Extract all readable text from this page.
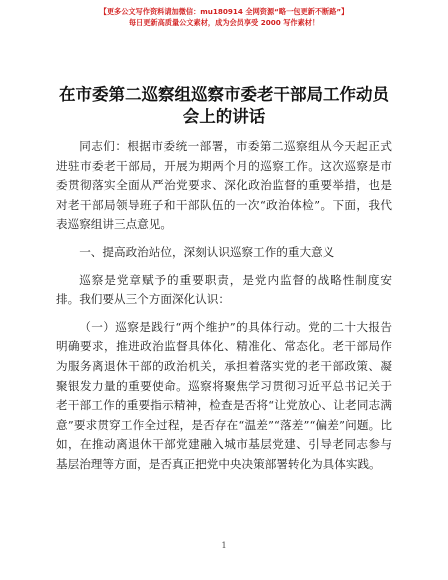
【更多公文写作资料请加微信：mu180914 全网资源“略一包更新不断路”】
每日更新高质量公文素材，成为会员享受 2000 写作素材！
在市委第二巡察组巡察市委老干部局工作动员
会上的讲话

同志们：根据市委统一部署，市委第二巡察组从今天起正式进驻市委老干部局，开展为期两个月的巡察工作。这次巡察是市委贯彻落实全面从严治党要求、深化政治监督的重要举措，也是对老干部局领导班子和干部队伍的一次“政治体检”。下面，我代表巡察组讲三点意见。

一、提高政治站位，深刻认识巡察工作的重大意义

巡察是党章赋予的重要职责，是党内监督的战略性制度安排。我们要从三个方面深化认识：

（一）巡察是践行“两个维护”的具体行动。党的二十大报告明确要求，推进政治监督具体化、精准化、常态化。老干部局作为服务离退休干部的政治机关，承担着落实党的老干部政策、凝聚银发力量的重要使命。巡察将聚焦学习贯彻习近平总书记关于老干部工作的重要指示精神，检查是否将“让党放心、让老同志满意”要求贯穿工作全过程，是否存在“温差”“落差”“偏差”问题。比如，在推动离退休干部党建融入城市基层党建、引导老同志参与基层治理等方面，是否真正把党中央决策部署转化为具体实践。

1
